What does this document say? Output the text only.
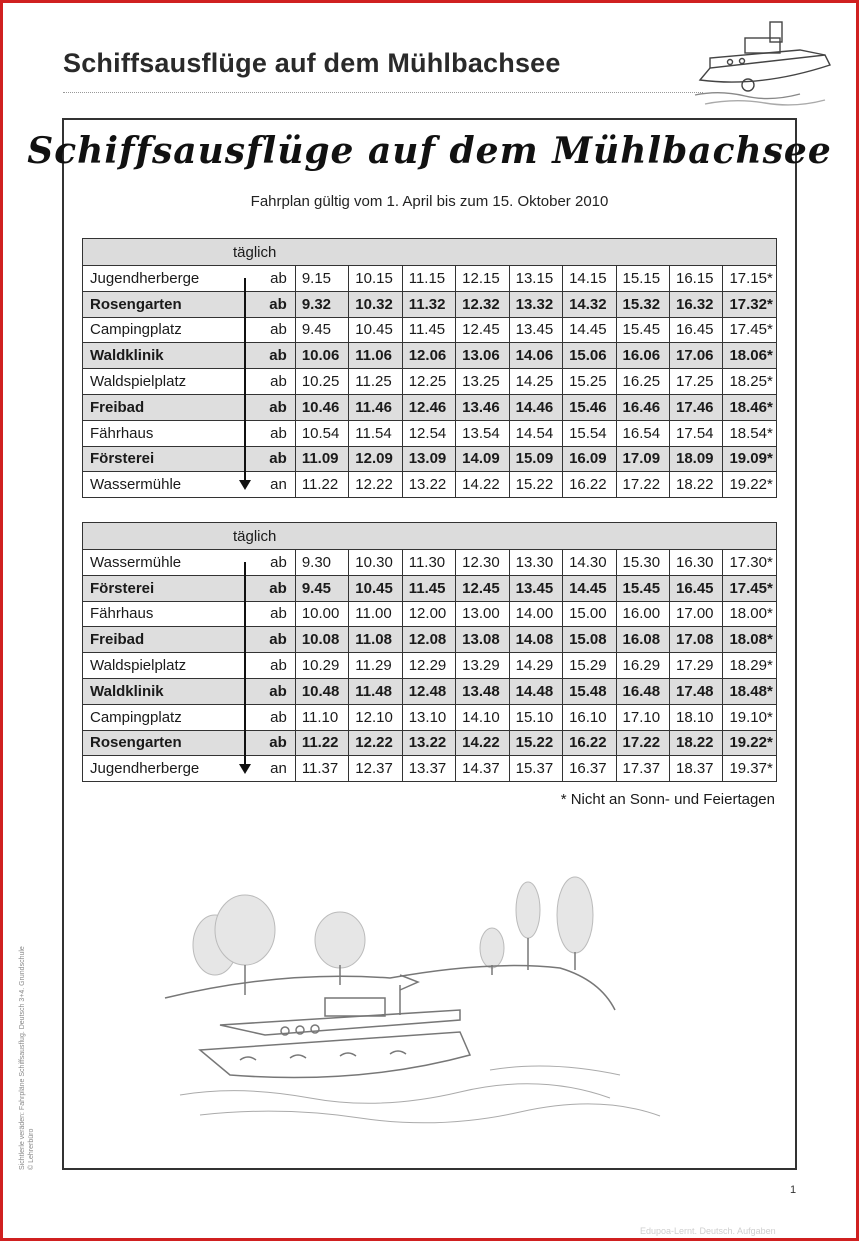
Schiffsausflüge auf dem Mühlbachsee
Schiffsausflüge auf dem Mühlbachsee
Fahrplan gültig vom 1. April bis zum 15. Oktober 2010
täglich										
Jugendherberge	ab	9.15	10.15	11.15	12.15	13.15	14.15	15.15	16.15	17.15*
Rosengarten	ab	9.32	10.32	11.32	12.32	13.32	14.32	15.32	16.32	17.32*
Campingplatz	ab	9.45	10.45	11.45	12.45	13.45	14.45	15.45	16.45	17.45*
Waldklinik	ab	10.06	11.06	12.06	13.06	14.06	15.06	16.06	17.06	18.06*
Waldspielplatz	ab	10.25	11.25	12.25	13.25	14.25	15.25	16.25	17.25	18.25*
Freibad	ab	10.46	11.46	12.46	13.46	14.46	15.46	16.46	17.46	18.46*
Fährhaus	ab	10.54	11.54	12.54	13.54	14.54	15.54	16.54	17.54	18.54*
Försterei	ab	11.09	12.09	13.09	14.09	15.09	16.09	17.09	18.09	19.09*
Wassermühle	an	11.22	12.22	13.22	14.22	15.22	16.22	17.22	18.22	19.22*
täglich										
Wassermühle	ab	9.30	10.30	11.30	12.30	13.30	14.30	15.30	16.30	17.30*
Försterei	ab	9.45	10.45	11.45	12.45	13.45	14.45	15.45	16.45	17.45*
Fährhaus	ab	10.00	11.00	12.00	13.00	14.00	15.00	16.00	17.00	18.00*
Freibad	ab	10.08	11.08	12.08	13.08	14.08	15.08	16.08	17.08	18.08*
Waldspielplatz	ab	10.29	11.29	12.29	13.29	14.29	15.29	16.29	17.29	18.29*
Waldklinik	ab	10.48	11.48	12.48	13.48	14.48	15.48	16.48	17.48	18.48*
Campingplatz	ab	11.10	12.10	13.10	14.10	15.10	16.10	17.10	18.10	19.10*
Rosengarten	ab	11.22	12.22	13.22	14.22	15.22	16.22	17.22	18.22	19.22*
Jugendherberge	an	11.37	12.37	13.37	14.37	15.37	16.37	17.37	18.37	19.37*
* Nicht an Sonn- und Feiertagen
Sichtlerle veräden: Fahrpläne Schiffsausflug. Deutsch 3+4. Grundschule © Lehrerbüro
1
Edupoa-Lernt. Deutsch. Aufgaben
